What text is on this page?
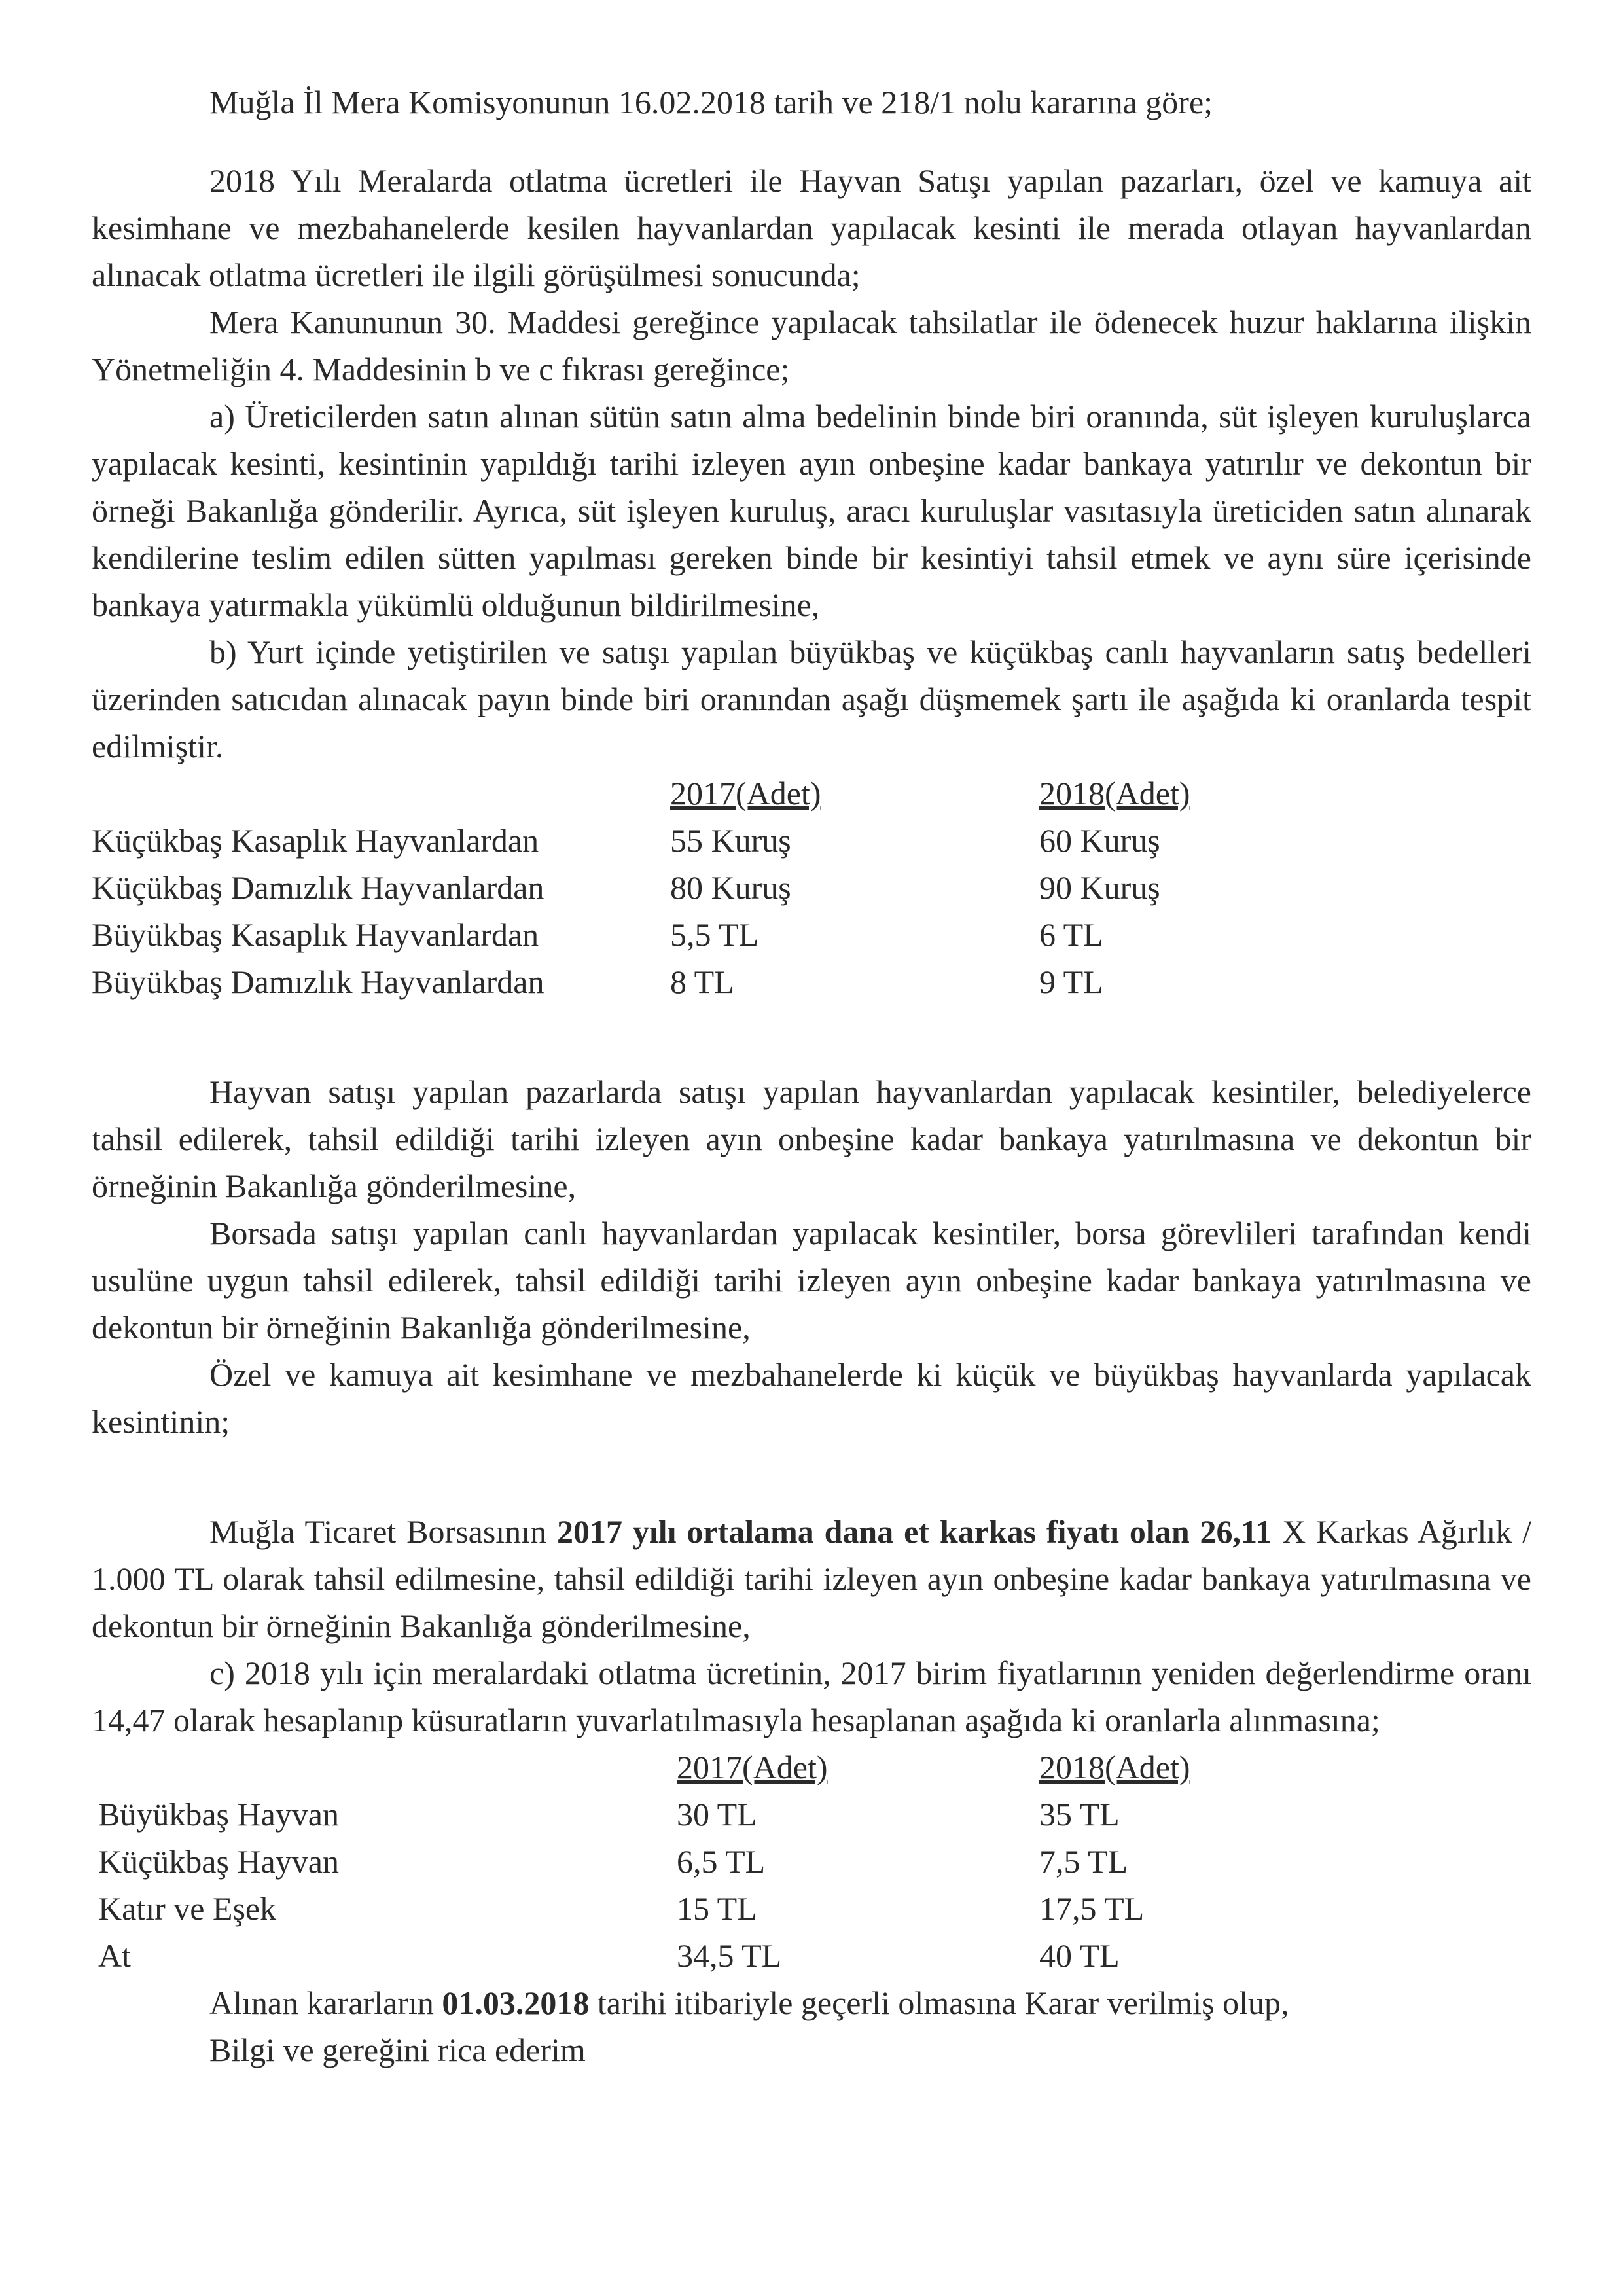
Muğla İl Mera Komisyonunun 16.02.2018 tarih ve 218/1 nolu kararına göre;

2018 Yılı Meralarda otlatma ücretleri ile Hayvan Satışı yapılan pazarları, özel ve kamuya ait kesimhane ve mezbahanelerde kesilen hayvanlardan yapılacak kesinti ile merada otlayan hayvanlardan alınacak otlatma ücretleri ile ilgili görüşülmesi sonucunda;

Mera Kanununun 30. Maddesi gereğince yapılacak tahsilatlar ile ödenecek huzur haklarına ilişkin Yönetmeliğin 4. Maddesinin b ve c fıkrası gereğince;

a) Üreticilerden satın alınan sütün satın alma bedelinin binde biri oranında, süt işleyen kuruluşlarca yapılacak kesinti, kesintinin yapıldığı tarihi izleyen ayın onbeşine kadar bankaya yatırılır ve dekontun bir örneği Bakanlığa gönderilir. Ayrıca, süt işleyen kuruluş, aracı kuruluşlar vasıtasıyla üreticiden satın alınarak kendilerine teslim edilen sütten yapılması gereken binde bir kesintiyi tahsil etmek ve aynı süre içerisinde bankaya yatırmakla yükümlü olduğunun bildirilmesine,

b) Yurt içinde yetiştirilen ve satışı yapılan büyükbaş ve küçükbaş canlı hayvanların satış bedelleri üzerinden satıcıdan alınacak payın binde biri oranından aşağı düşmemek şartı ile aşağıda ki oranlarda tespit edilmiştir.

	2017(Adet)	2018(Adet)
Küçükbaş Kasaplık Hayvanlardan	55 Kuruş	60 Kuruş
Küçükbaş Damızlık Hayvanlardan	80 Kuruş	90 Kuruş
Büyükbaş Kasaplık Hayvanlardan	5,5 TL	6 TL
Büyükbaş Damızlık Hayvanlardan	8 TL	9 TL

Hayvan satışı yapılan pazarlarda satışı yapılan hayvanlardan yapılacak kesintiler, belediyelerce tahsil edilerek, tahsil edildiği tarihi izleyen ayın onbeşine kadar bankaya yatırılmasına ve dekontun bir örneğinin Bakanlığa gönderilmesine,

Borsada satışı yapılan canlı hayvanlardan yapılacak kesintiler, borsa görevlileri tarafından kendi usulüne uygun tahsil edilerek, tahsil edildiği tarihi izleyen ayın onbeşine kadar bankaya yatırılmasına ve dekontun bir örneğinin Bakanlığa gönderilmesine,

Özel ve kamuya ait kesimhane ve mezbahanelerde ki küçük ve büyükbaş hayvanlarda yapılacak kesintinin;

Muğla Ticaret Borsasının 2017 yılı ortalama dana et karkas fiyatı olan 26,11 X Karkas Ağırlık / 1.000 TL olarak tahsil edilmesine, tahsil edildiği tarihi izleyen ayın onbeşine kadar bankaya yatırılmasına ve dekontun bir örneğinin Bakanlığa gönderilmesine,

c) 2018 yılı için meralardaki otlatma ücretinin, 2017 birim fiyatlarının yeniden değerlendirme oranı 14,47 olarak hesaplanıp küsuratların yuvarlatılmasıyla hesaplanan aşağıda ki oranlarla alınmasına;

	2017(Adet)	2018(Adet)
Büyükbaş Hayvan	30 TL	35 TL
Küçükbaş Hayvan	6,5 TL	7,5 TL
Katır ve Eşek	15 TL	17,5 TL
At	34,5 TL	40 TL

Alınan kararların 01.03.2018 tarihi itibariyle geçerli olmasına Karar verilmiş olup,

Bilgi ve gereğini rica ederim
